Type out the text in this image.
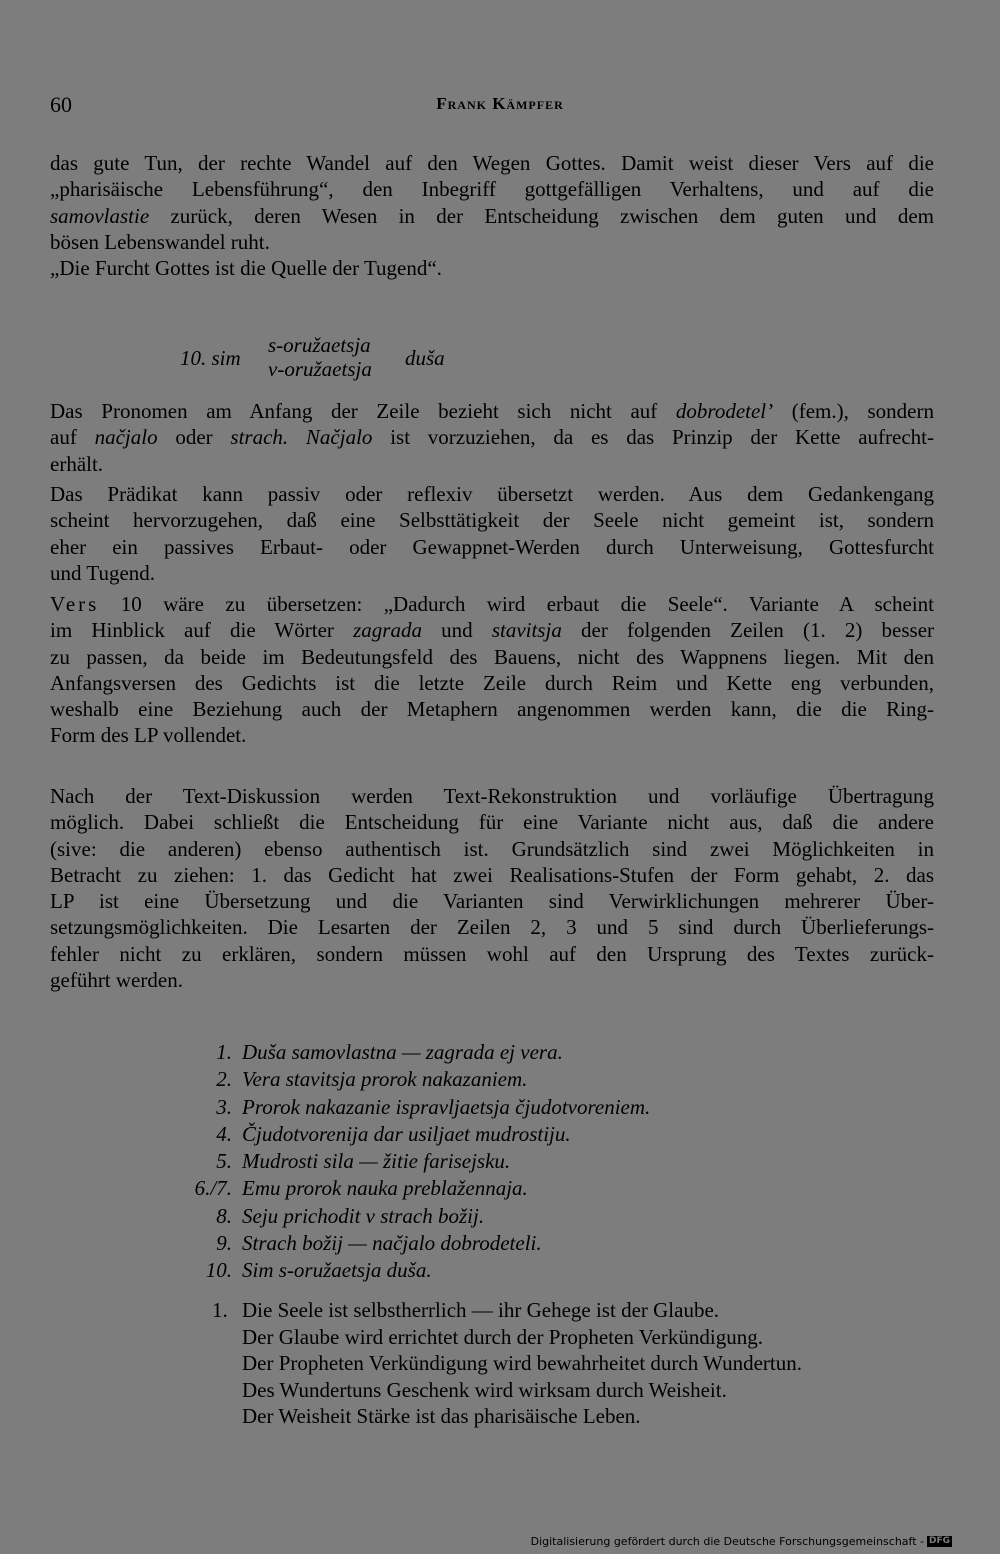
60	Frank Kämpfer
das gute Tun, der rechte Wandel auf den Wegen Gottes. Damit weist dieser Vers auf die
„pharisäische Lebensführung“, den Inbegriff gottgefälligen Verhaltens, und auf die
samovlastie zurück, deren Wesen in der Entscheidung zwischen dem guten und dem
bösen Lebenswandel ruht.
„Die Furcht Gottes ist die Quelle der Tugend“.
10. sim
s-oružaetsja
v-oružaetsja duša
Das Pronomen am Anfang der Zeile bezieht sich nicht auf dobrodetel’ (fem.), sondern
auf načjalo oder strach. Načjalo ist vorzuziehen, da es das Prinzip der Kette aufrecht-
erhält.
Das Prädikat kann passiv oder reflexiv übersetzt werden. Aus dem Gedankengang
scheint hervorzugehen, daß eine Selbsttätigkeit der Seele nicht gemeint ist, sondern
eher ein passives Erbaut- oder Gewappnet-Werden durch Unterweisung, Gottesfurcht
und Tugend.
Vers 10 wäre zu übersetzen: „Dadurch wird erbaut die Seele“. Variante A scheint
im Hinblick auf die Wörter zagrada und stavitsja der folgenden Zeilen (1. 2) besser
zu passen, da beide im Bedeutungsfeld des Bauens, nicht des Wappnens liegen. Mit den
Anfangsversen des Gedichts ist die letzte Zeile durch Reim und Kette eng verbunden,
weshalb eine Beziehung auch der Metaphern angenommen werden kann, die die Ring-
Form des LP vollendet.
Nach der Text-Diskussion werden Text-Rekonstruktion und vorläufige Übertragung
möglich. Dabei schließt die Entscheidung für eine Variante nicht aus, daß die andere
(sive: die anderen) ebenso authentisch ist. Grundsätzlich sind zwei Möglichkeiten in
Betracht zu ziehen: 1. das Gedicht hat zwei Realisations-Stufen der Form gehabt, 2. das
LP ist eine Übersetzung und die Varianten sind Verwirklichungen mehrerer Über-
setzungsmöglichkeiten. Die Lesarten der Zeilen 2, 3 und 5 sind durch Überlieferungs-
fehler nicht zu erklären, sondern müssen wohl auf den Ursprung des Textes zurück-
geführt werden.
1. Duša samovlastna — zagrada ej vera.
2. Vera stavitsja prorok nakazaniem.
3. Prorok nakazanie ispravljaetsja čjudotvoreniem.
4. Čjudotvorenija dar usiljaet mudrostiju.
5. Mudrosti sila — žitie farisejsku.
6./7. Emu prorok nauka preblažennaja.
8. Seju prichodit v strach božij.
9. Strach božij — načjalo dobrodeteli.
10. Sim s-oružaetsja duša.
1. Die Seele ist selbstherrlich — ihr Gehege ist der Glaube.
Der Glaube wird errichtet durch der Propheten Verkündigung.
Der Propheten Verkündigung wird bewahrheitet durch Wundertun.
Des Wundertuns Geschenk wird wirksam durch Weisheit.
Der Weisheit Stärke ist das pharisäische Leben.
Digitalisierung gefördert durch die Deutsche Forschungsgemeinschaft - DFG
